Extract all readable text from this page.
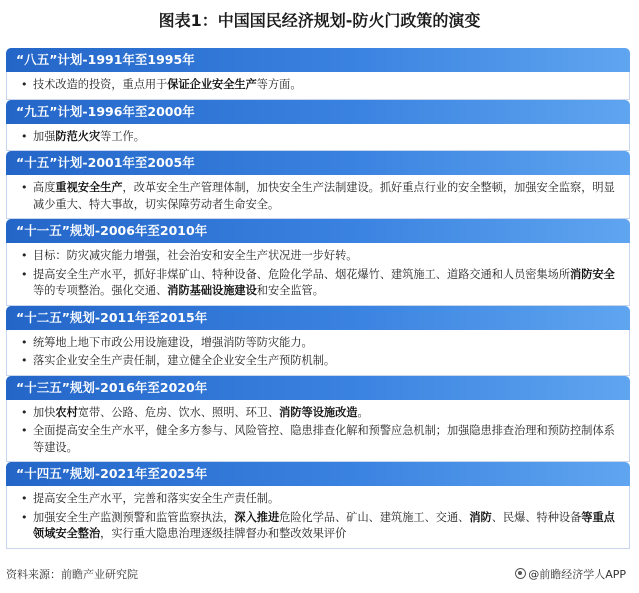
图表1：中国国民经济规划-防火门政策的演变
“八五”计划-1991年至1995年
• 技术改造的投资，重点用于保证企业安全生产等方面。
“九五”计划-1996年至2000年
• 加强防范火灾等工作。
“十五”计划-2001年至2005年
• 高度重视安全生产，改革安全生产管理体制，加快安全生产法制建设。抓好重点行业的安全整顿，加强安全监察，明显减少重大、特大事故，切实保障劳动者生命安全。
“十一五”规划-2006年至2010年
• 目标：防灾减灾能力增强，社会治安和安全生产状况进一步好转。
• 提高安全生产水平，抓好非煤矿山、特种设备、危险化学品、烟花爆竹、建筑施工、道路交通和人员密集场所消防安全等的专项整治。强化交通、消防基础设施建设和安全监管。
“十二五”规划-2011年至2015年
• 统筹地上地下市政公用设施建设，增强消防等防灾能力。
• 落实企业安全生产责任制，建立健全企业安全生产预防机制。
“十三五”规划-2016年至2020年
• 加快农村宽带、公路、危房、饮水、照明、环卫、消防等设施改造。
• 全面提高安全生产水平，健全多方参与、风险管控、隐患排查化解和预警应急机制；加强隐患排查治理和预防控制体系等建设。
“十四五”规划-2021年至2025年
• 提高安全生产水平，完善和落实安全生产责任制。
• 加强安全生产监测预警和监管监察执法，深入推进危险化学品、矿山、建筑施工、交通、消防、民爆、特种设备等重点领域安全整治，实行重大隐患治理逐级挂牌督办和整改效果评价
资料来源：前瞻产业研究院	@前瞻经济学人APP
